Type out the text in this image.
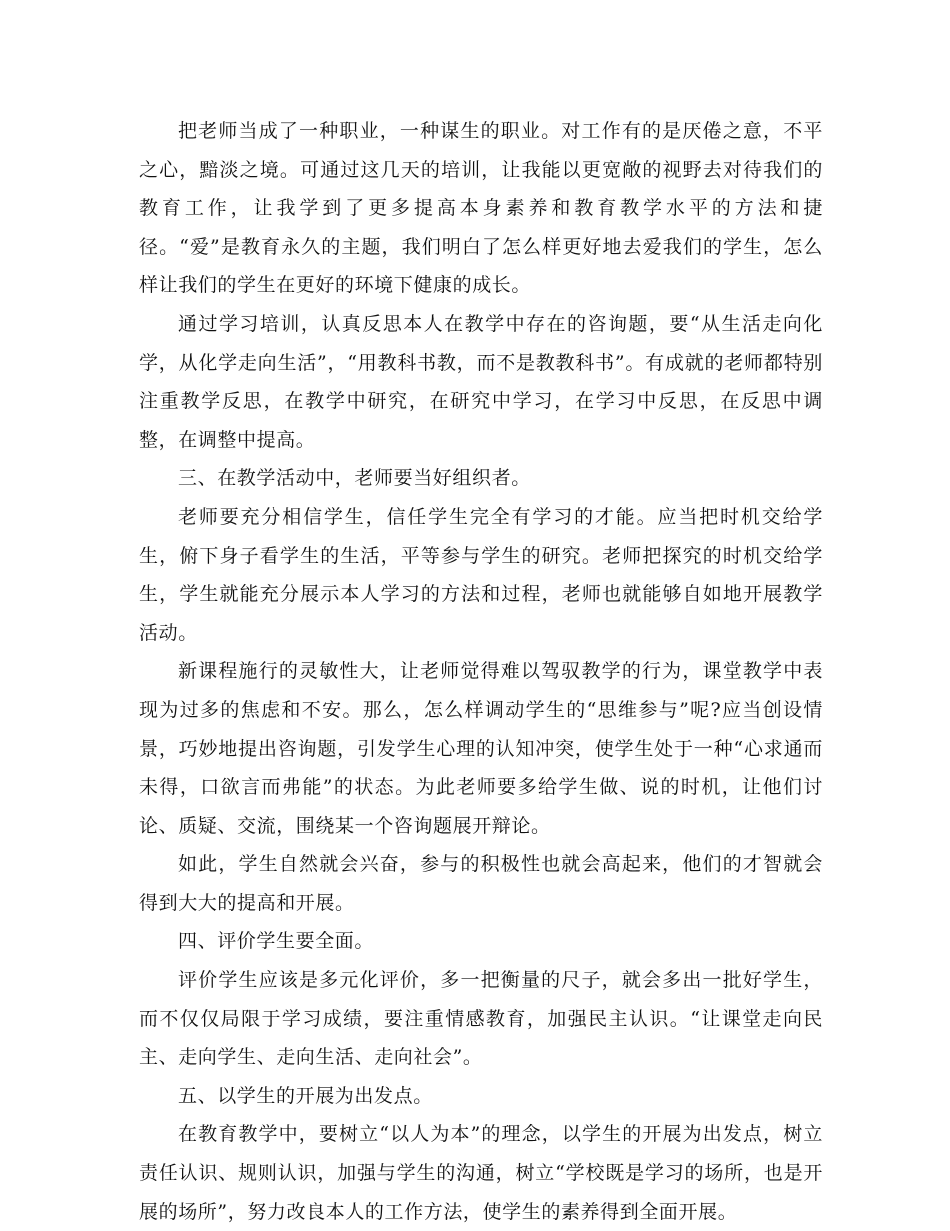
把老师当成了一种职业，一种谋生的职业。对工作有的是厌倦之意，不平之心，黯淡之境。可通过这几天的培训，让我能以更宽敞的视野去对待我们的教育工作，让我学到了更多提高本身素养和教育教学水平的方法和捷径。“爱”是教育永久的主题，我们明白了怎么样更好地去爱我们的学生，怎么样让我们的学生在更好的环境下健康的成长。

通过学习培训，认真反思本人在教学中存在的咨询题，要“从生活走向化学，从化学走向生活”，“用教科书教，而不是教教科书”。有成就的老师都特别注重教学反思，在教学中研究，在研究中学习，在学习中反思，在反思中调整，在调整中提高。

三、在教学活动中，老师要当好组织者。

老师要充分相信学生，信任学生完全有学习的才能。应当把时机交给学生，俯下身子看学生的生活，平等参与学生的研究。老师把探究的时机交给学生，学生就能充分展示本人学习的方法和过程，老师也就能够自如地开展教学活动。

新课程施行的灵敏性大，让老师觉得难以驾驭教学的行为，课堂教学中表现为过多的焦虑和不安。那么，怎么样调动学生的“思维参与”呢?应当创设情景，巧妙地提出咨询题，引发学生心理的认知冲突，使学生处于一种“心求通而未得，口欲言而弗能”的状态。为此老师要多给学生做、说的时机，让他们讨论、质疑、交流，围绕某一个咨询题展开辩论。

如此，学生自然就会兴奋，参与的积极性也就会高起来，他们的才智就会得到大大的提高和开展。

四、评价学生要全面。

评价学生应该是多元化评价，多一把衡量的尺子，就会多出一批好学生，而不仅仅局限于学习成绩，要注重情感教育，加强民主认识。“让课堂走向民主、走向学生、走向生活、走向社会”。

五、以学生的开展为出发点。

在教育教学中，要树立“以人为本”的理念，以学生的开展为出发点，树立责任认识、规则认识，加强与学生的沟通，树立“学校既是学习的场所，也是开展的场所”，努力改良本人的工作方法，使学生的素养得到全面开展。
